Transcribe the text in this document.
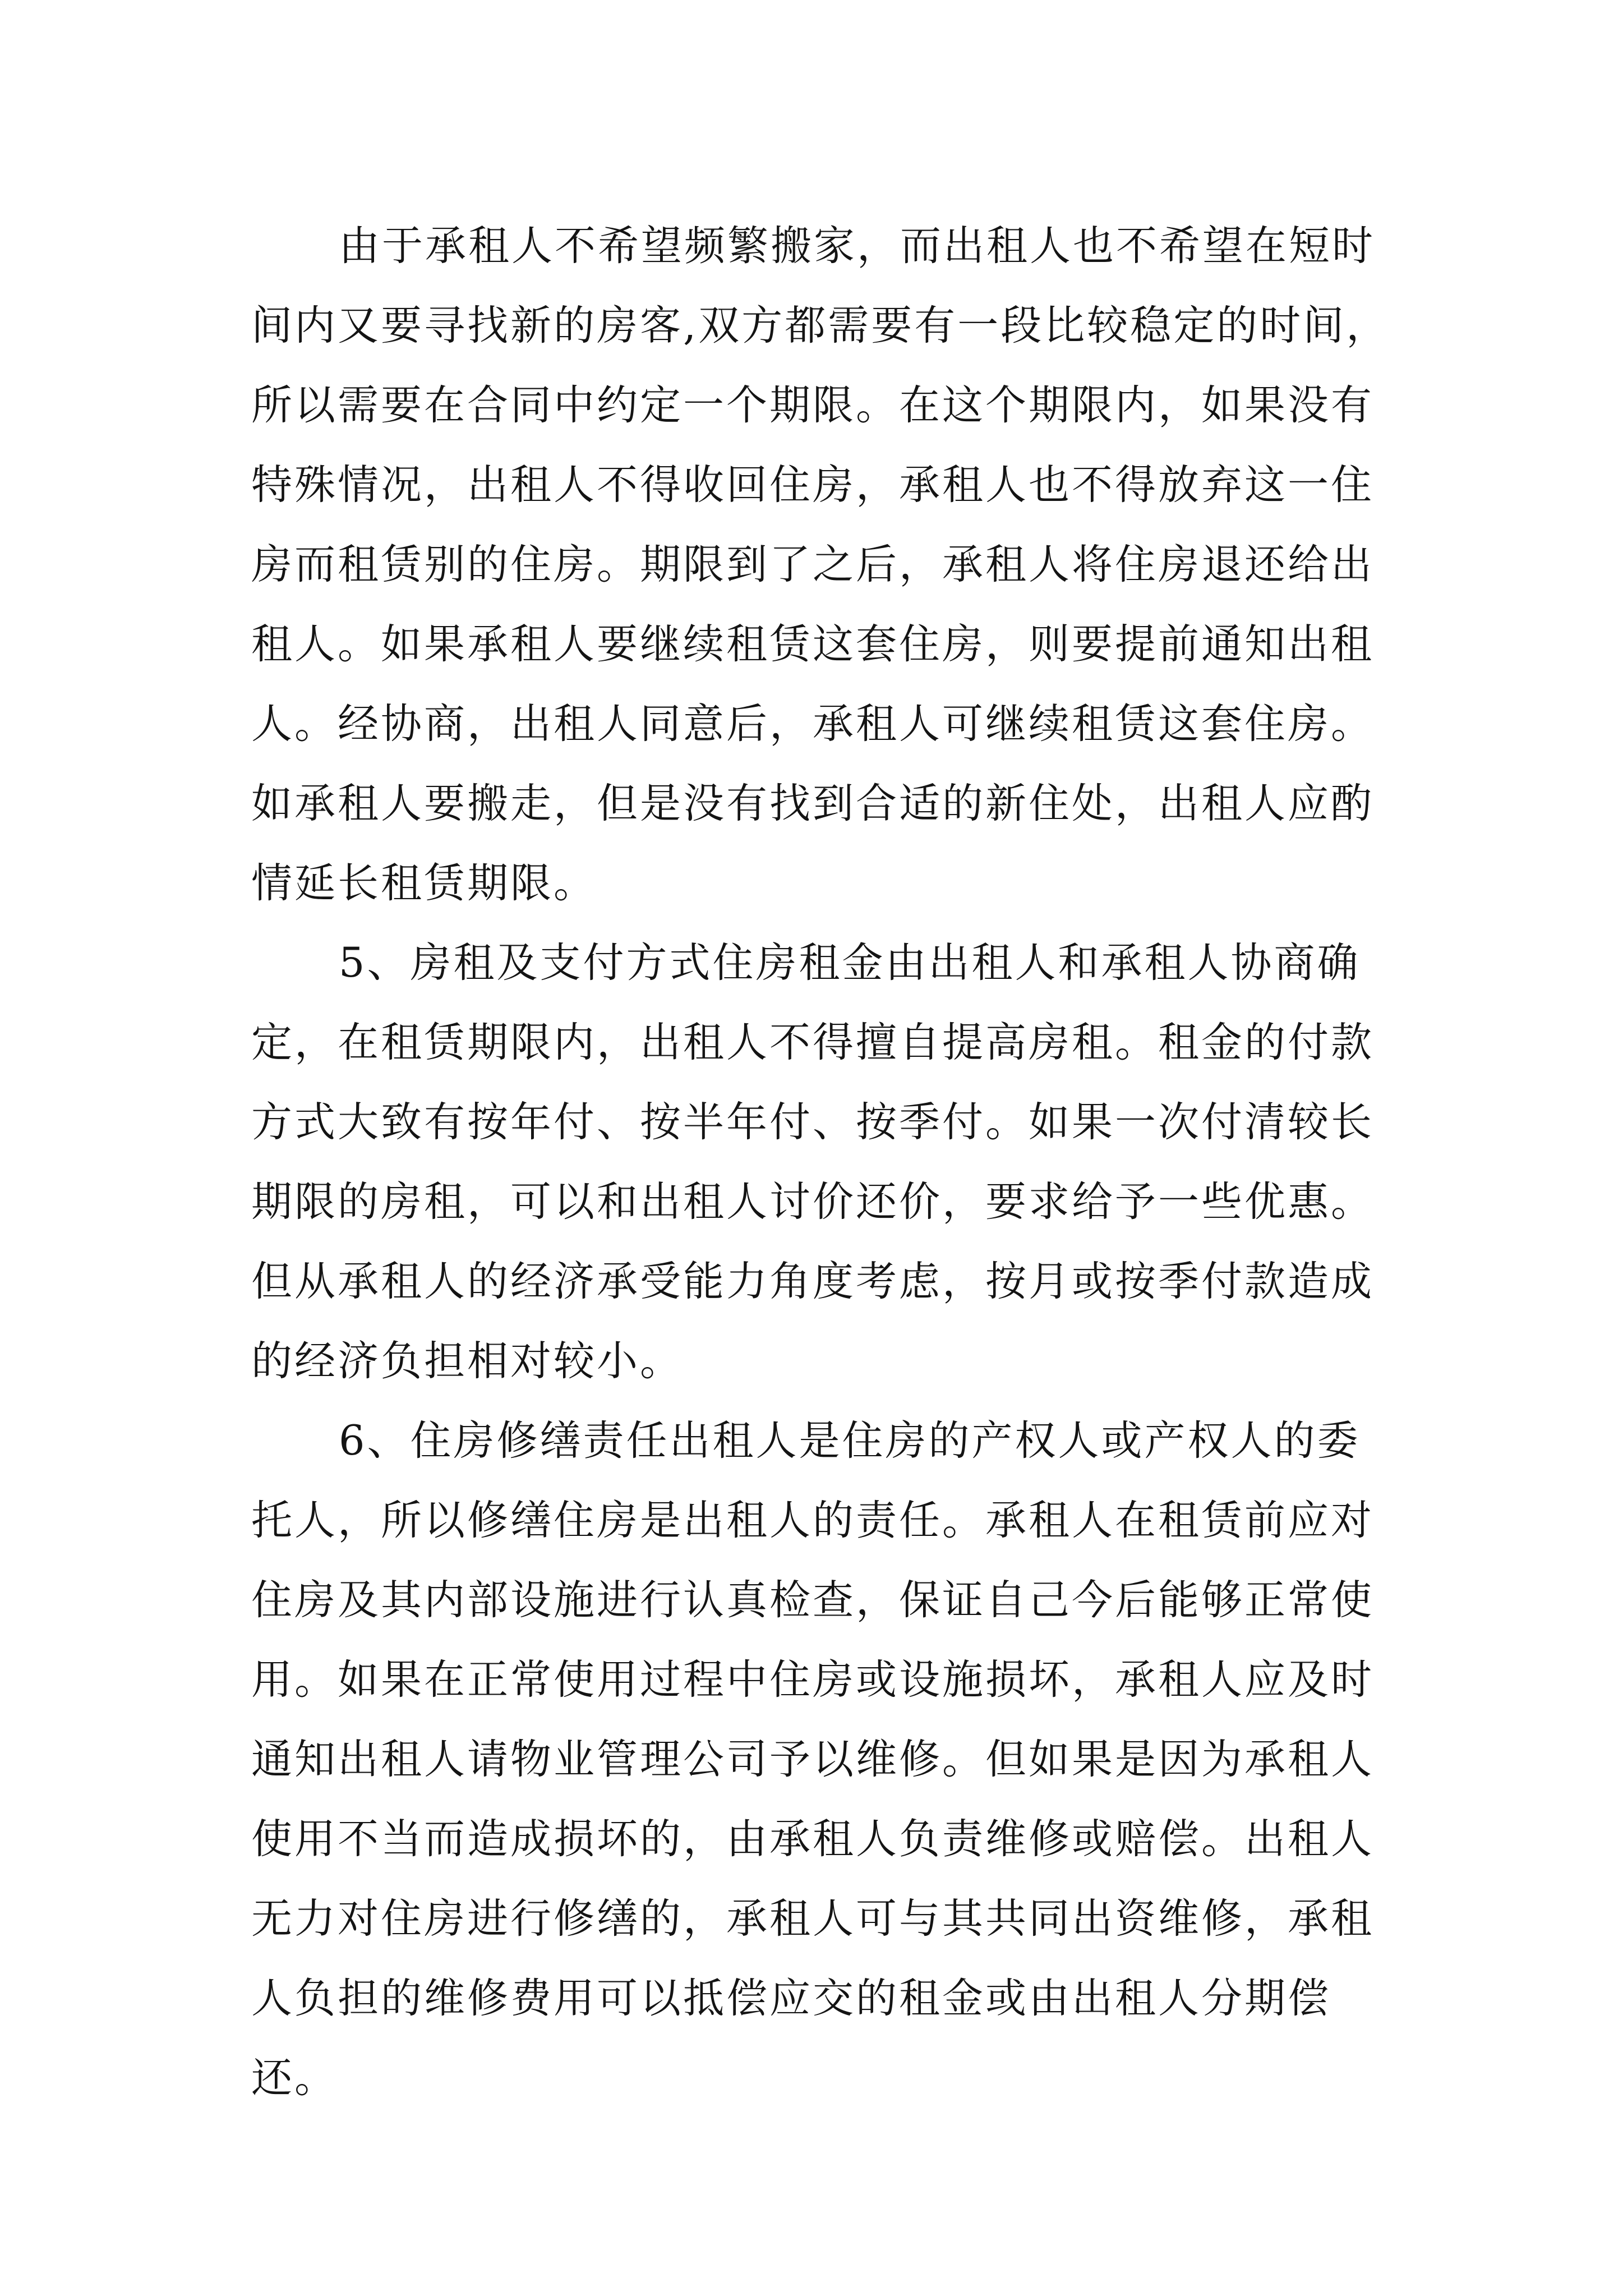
由于承租人不希望频繁搬家，而出租人也不希望在短时
间内又要寻找新的房客,双方都需要有一段比较稳定的时间，
所以需要在合同中约定一个期限。在这个期限内，如果没有
特殊情况，出租人不得收回住房，承租人也不得放弃这一住
房而租赁别的住房。期限到了之后，承租人将住房退还给出
租人。如果承租人要继续租赁这套住房，则要提前通知出租
人。经协商，出租人同意后，承租人可继续租赁这套住房。
如承租人要搬走，但是没有找到合适的新住处，出租人应酌
情延长租赁期限。
5、房租及支付方式住房租金由出租人和承租人协商确
定，在租赁期限内，出租人不得擅自提高房租。租金的付款
方式大致有按年付、按半年付、按季付。如果一次付清较长
期限的房租，可以和出租人讨价还价，要求给予一些优惠。
但从承租人的经济承受能力角度考虑，按月或按季付款造成
的经济负担相对较小。
6、住房修缮责任出租人是住房的产权人或产权人的委
托人，所以修缮住房是出租人的责任。承租人在租赁前应对
住房及其内部设施进行认真检查，保证自己今后能够正常使
用。如果在正常使用过程中住房或设施损坏，承租人应及时
通知出租人请物业管理公司予以维修。但如果是因为承租人
使用不当而造成损坏的，由承租人负责维修或赔偿。出租人
无力对住房进行修缮的，承租人可与其共同出资维修，承租
人负担的维修费用可以抵偿应交的租金或由出租人分期偿
还。
